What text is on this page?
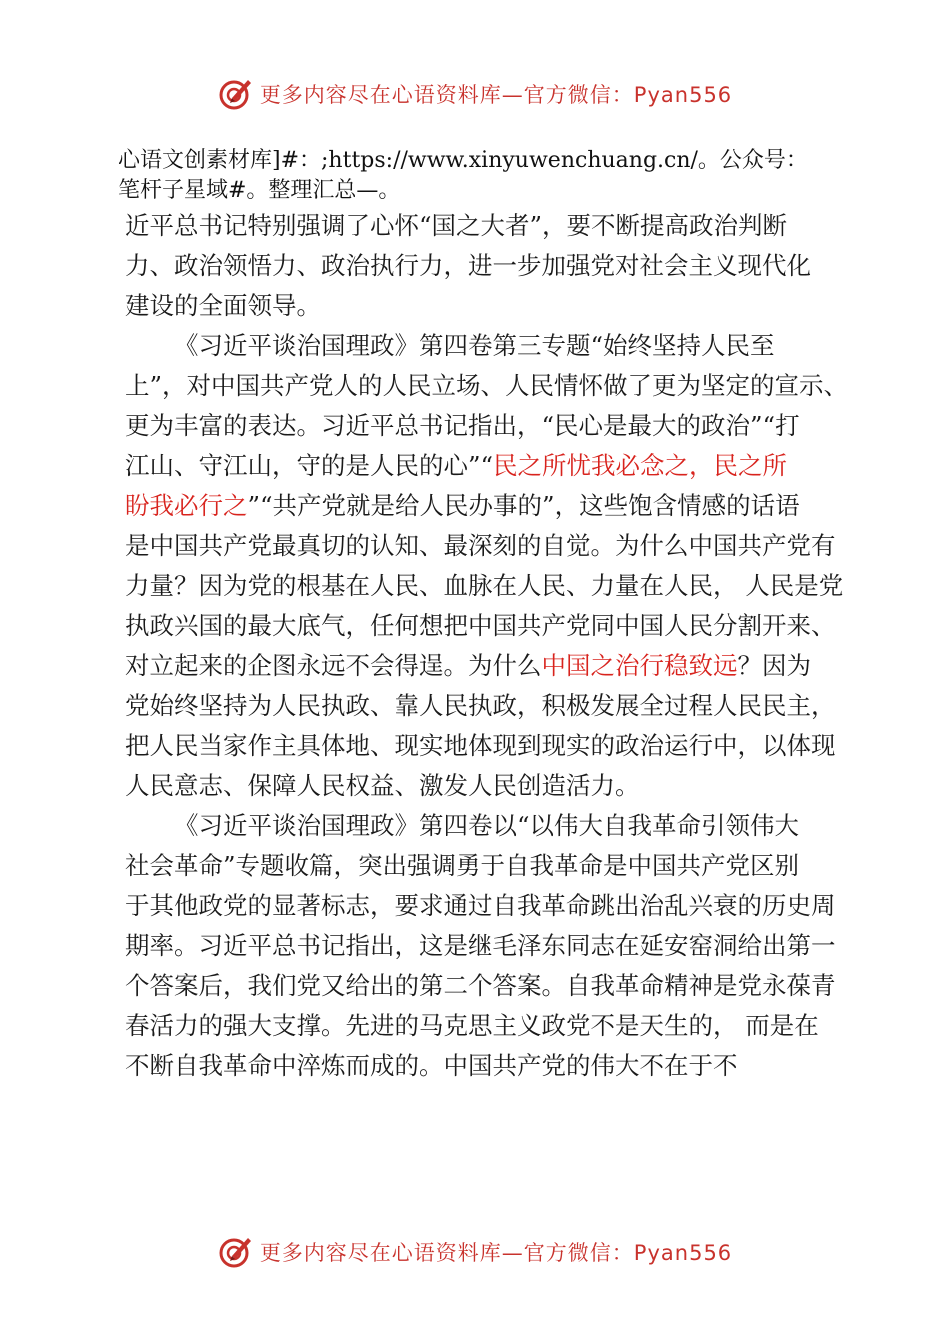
更多内容尽在心语资料库—官方微信：Pyan556
心语文创素材库]#：;https://www.xinyuwenchuang.cn/。公众号：
笔杆子星域#。整理汇总—。
近平总书记特别强调了心怀“国之大者”，要不断提高政治判断
力、政治领悟力、政治执行力，进一步加强党对社会主义现代化
建设的全面领导。
《习近平谈治国理政》第四卷第三专题“始终坚持人民至
上”，对中国共产党人的人民立场、人民情怀做了更为坚定的宣示、
更为丰富的表达。习近平总书记指出，“民心是最大的政治”“打
江山、守江山，守的是人民的心”“民之所忧我必念之，民之所
盼我必行之”“共产党就是给人民办事的”，这些饱含情感的话语
是中国共产党最真切的认知、最深刻的自觉。为什么中国共产党有
力量？因为党的根基在人民、血脉在人民、力量在人民， 人民是党
执政兴国的最大底气，任何想把中国共产党同中国人民分割开来、
对立起来的企图永远不会得逞。为什么中国之治行稳致远？因为
党始终坚持为人民执政、靠人民执政，积极发展全过程人民民主，
把人民当家作主具体地、现实地体现到现实的政治运行中，以体现
人民意志、保障人民权益、激发人民创造活力。
《习近平谈治国理政》第四卷以“以伟大自我革命引领伟大
社会革命”专题收篇，突出强调勇于自我革命是中国共产党区别
于其他政党的显著标志，要求通过自我革命跳出治乱兴衰的历史周
期率。习近平总书记指出，这是继毛泽东同志在延安窑洞给出第一
个答案后，我们党又给出的第二个答案。自我革命精神是党永葆青
春活力的强大支撑。先进的马克思主义政党不是天生的， 而是在
不断自我革命中淬炼而成的。中国共产党的伟大不在于不
更多内容尽在心语资料库—官方微信：Pyan556
